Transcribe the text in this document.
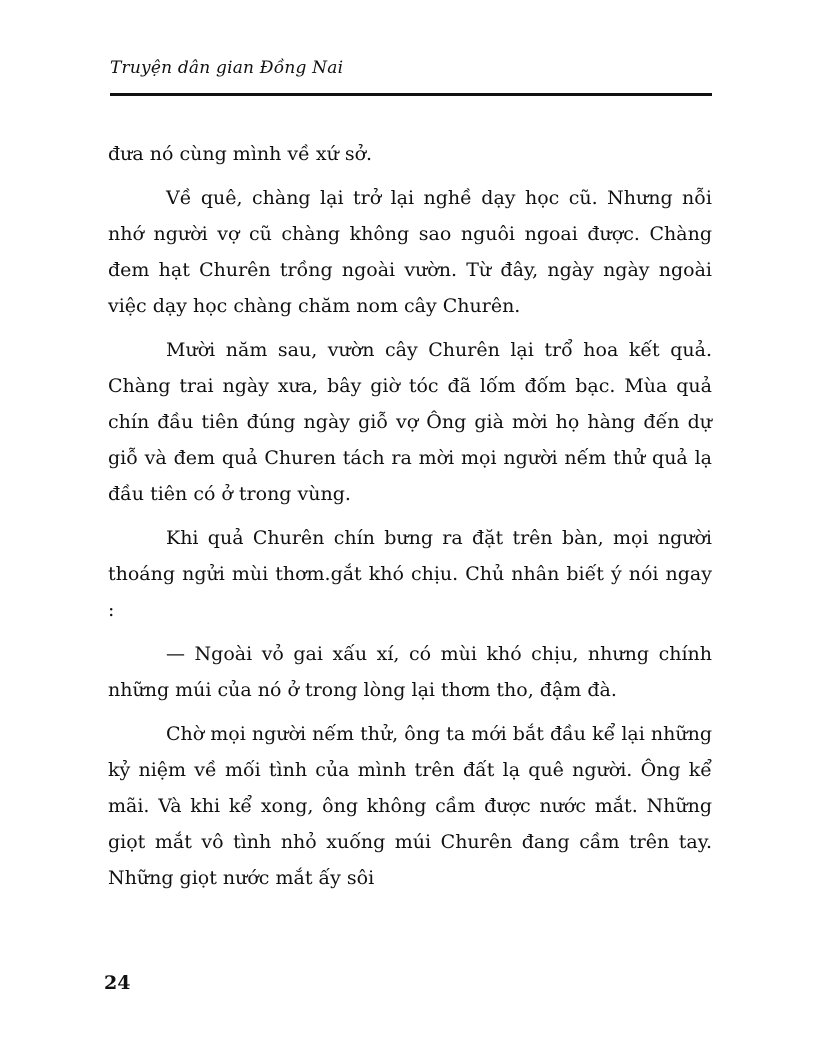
Truyện dân gian Đồng Nai

đưa nó cùng mình về xứ sở.

Về quê, chàng lại trở lại nghề dạy học cũ. Nhưng nỗi nhớ người vợ cũ chàng không sao nguôi ngoai được. Chàng đem hạt Churên trồng ngoài vườn. Từ đây, ngày ngày ngoài việc dạy học chàng chăm nom cây Churên.

Mười năm sau, vườn cây Churên lại trổ hoa kết quả. Chàng trai ngày xưa, bây giờ tóc đã lốm đốm bạc. Mùa quả chín đầu tiên đúng ngày giỗ vợ Ông già mời họ hàng đến dự giỗ và đem quả Churen tách ra mời mọi người nếm thử quả lạ đầu tiên có ở trong vùng.

Khi quả Churên chín bưng ra đặt trên bàn, mọi người thoáng ngửi mùi thơm.gắt khó chịu. Chủ nhân biết ý nói ngay :

— Ngoài vỏ gai xấu xí, có mùi khó chịu, nhưng chính những múi của nó ở trong lòng lại thơm tho, đậm đà.

Chờ mọi người nếm thử, ông ta mới bắt đầu kể lại những kỷ niệm về mối tình của mình trên đất lạ quê người. Ông kể mãi. Và khi kể xong, ông không cầm được nước mắt. Những giọt mắt vô tình nhỏ xuống múi Churên đang cầm trên tay. Những giọt nước mắt ấy sôi

24
